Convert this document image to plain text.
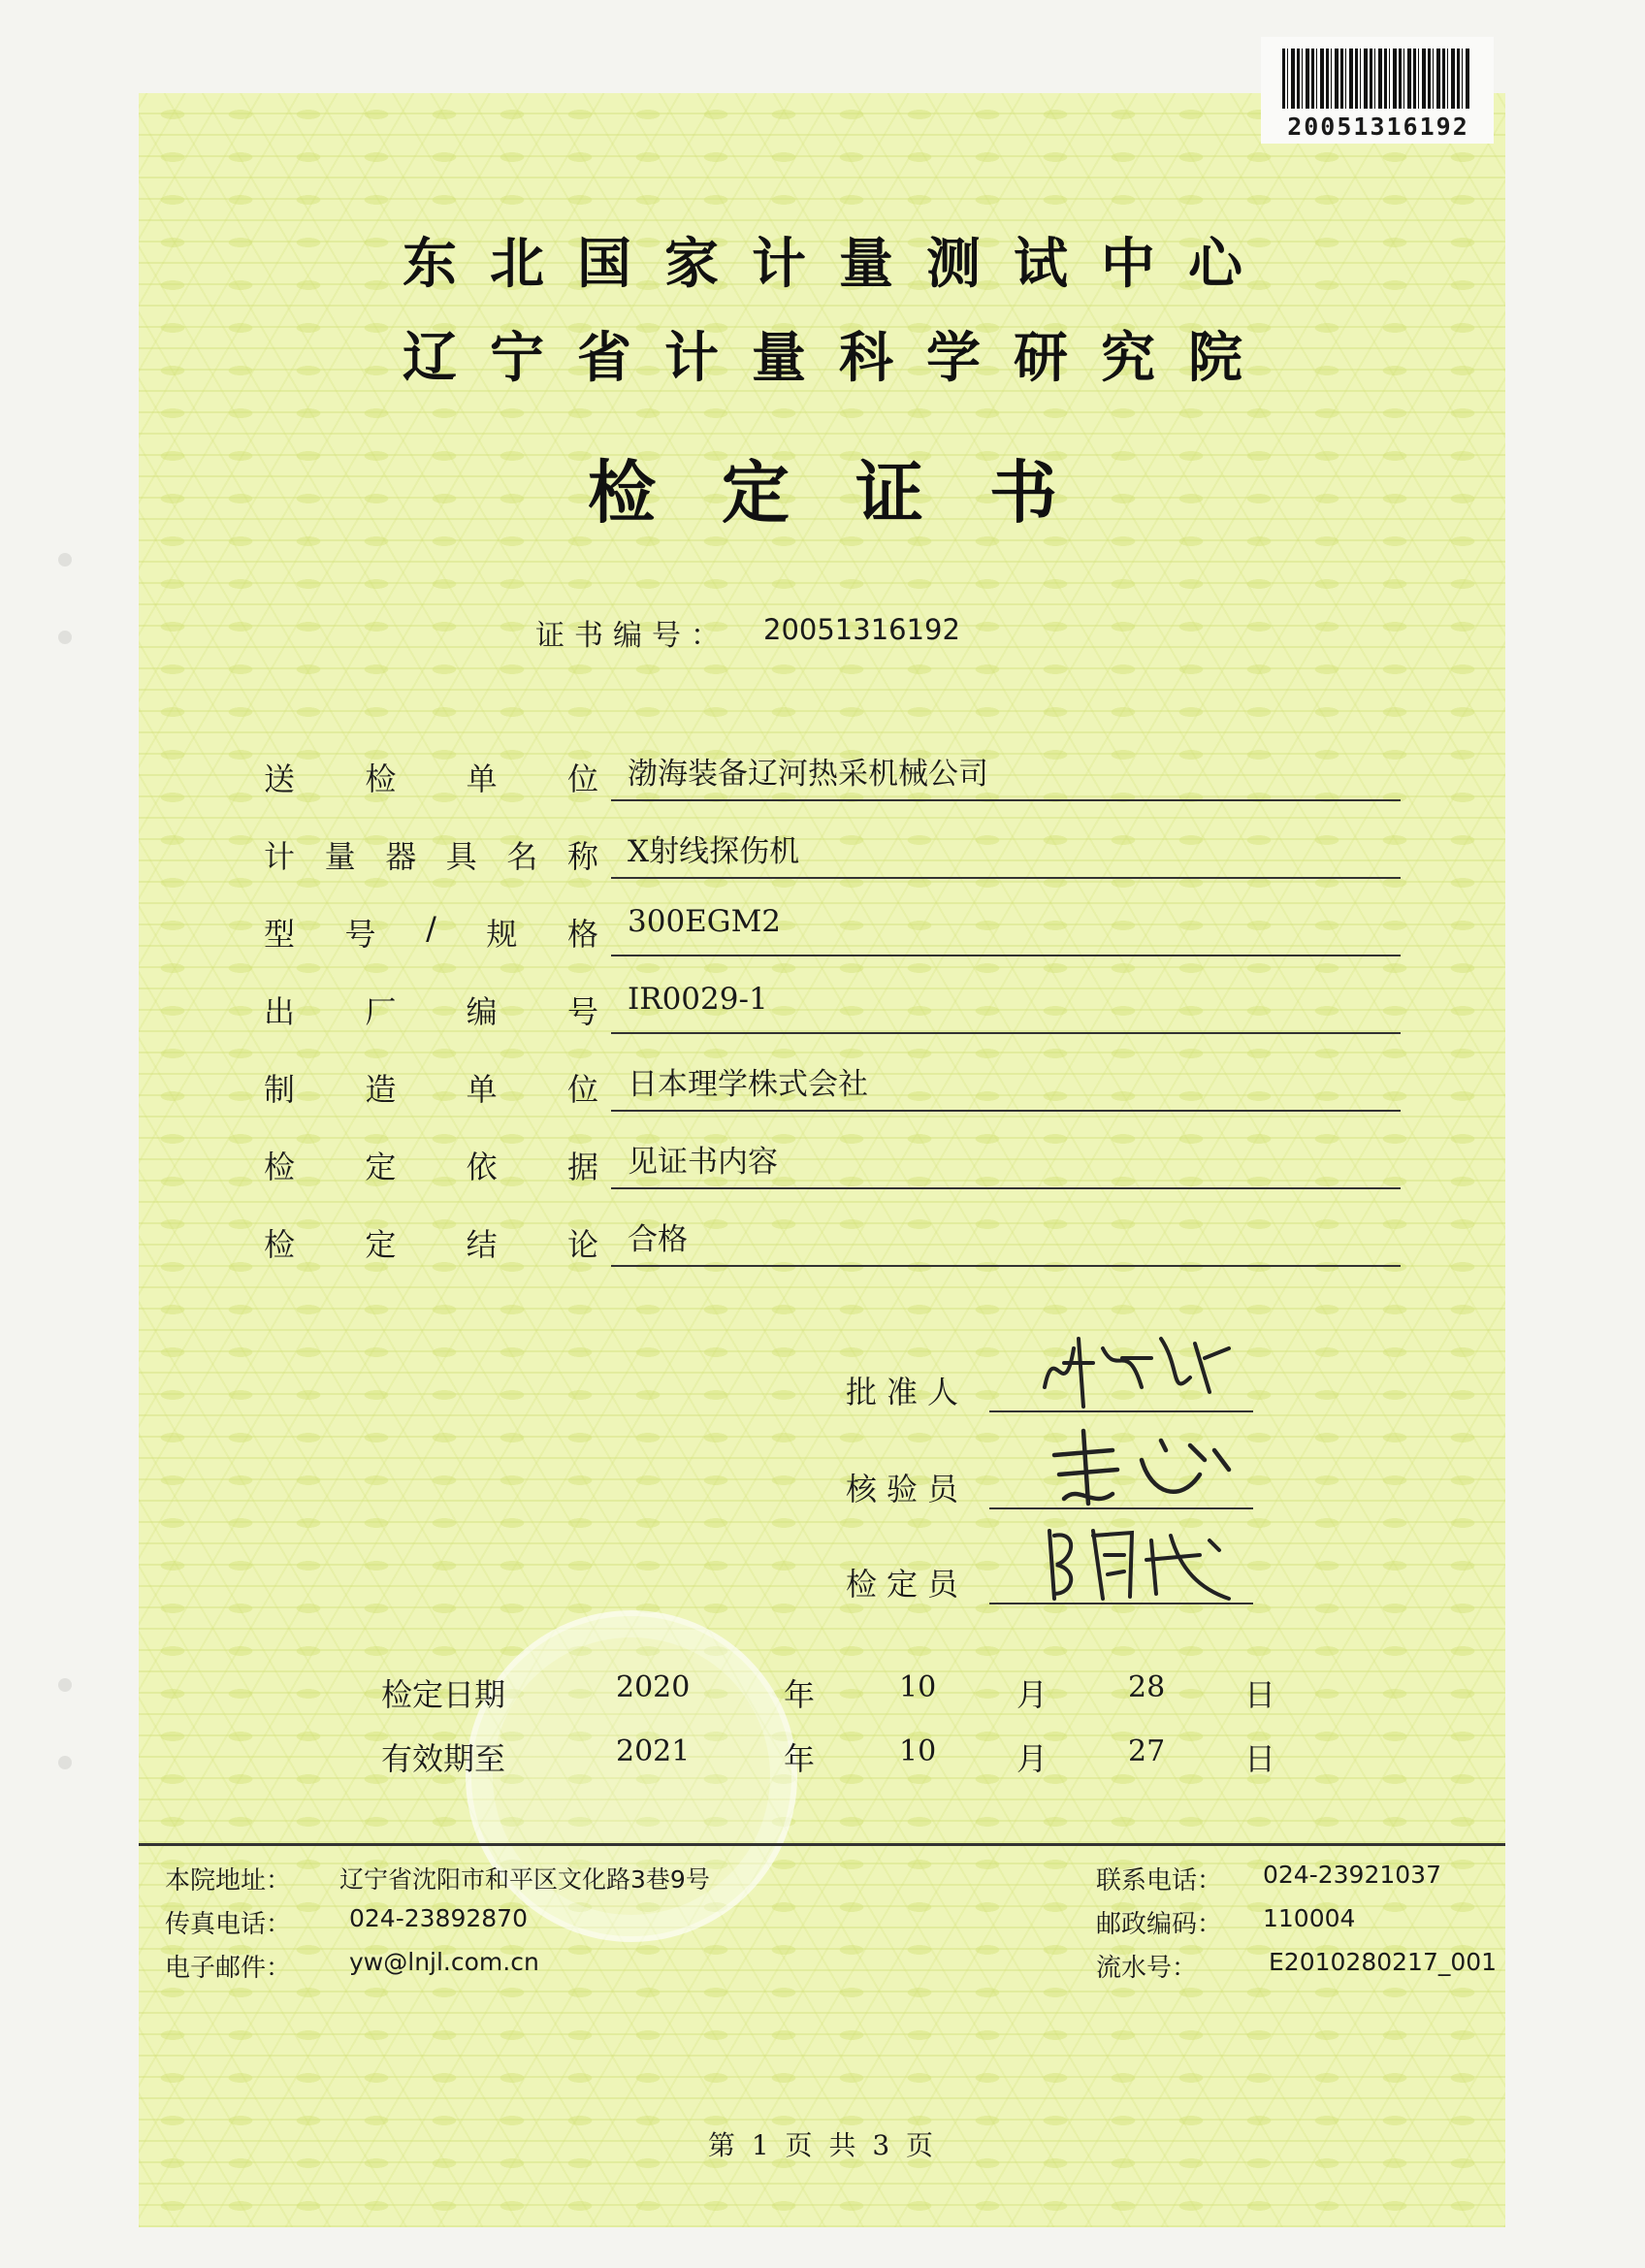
20051316192
东北国家计量测试中心
辽宁省计量科学研究院
检定证书
证书编号： 20051316192
送 检 单 位 渤海装备辽河热采机械公司
计 量 器 具 名 称 X射线探伤机
型 号 / 规 格 300EGM2
出 厂 编 号 IR0029-1
制 造 单 位 日本理学株式会社
检 定 依 据 见证书内容
检 定 结 论 合格
批准人
核验员
检定员
检定日期	2020	年	10	月	28	日
有效期至	2021	年	10	月	27	日
本院地址： 辽宁省沈阳市和平区文化路3巷9号	联系电话： 024-23921037
传真电话： 024-23892870	邮政编码： 110004
电子邮件： yw@lnjl.com.cn	流水号：	E2010280217_001
第 1 页 共 3 页
